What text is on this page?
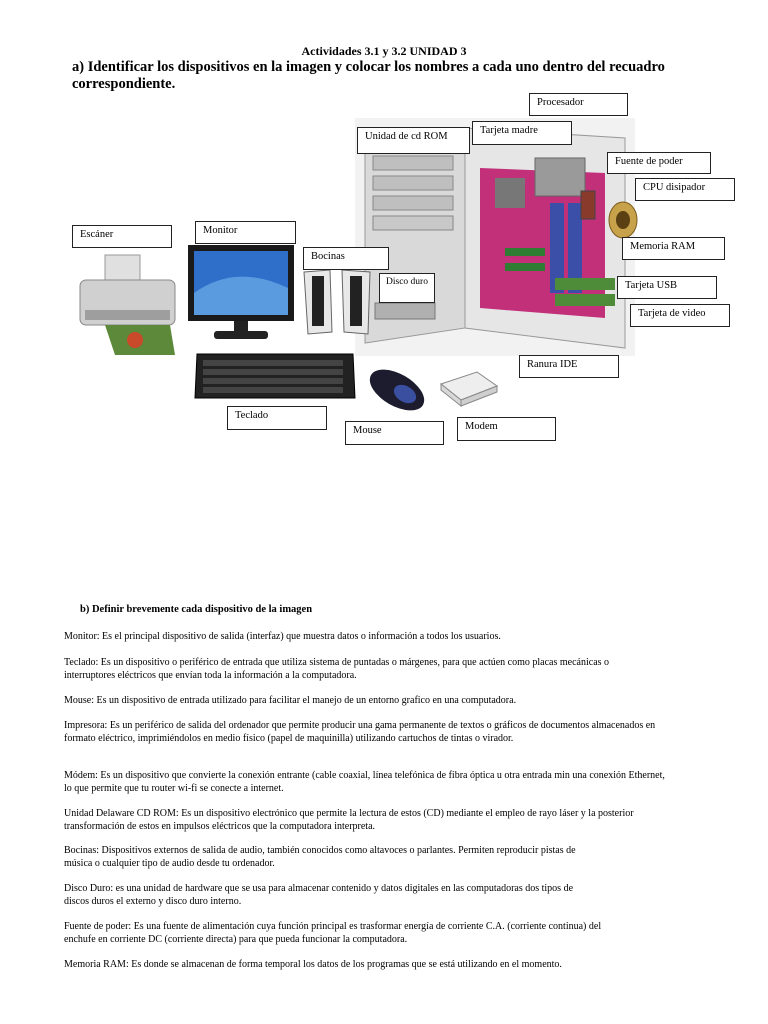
Actividades 3.1 y 3.2 UNIDAD 3
a) Identificar los dispositivos en la imagen y colocar los nombres a cada uno dentro del recuadro correspondiente.
Procesador
Unidad de cd ROM
Tarjeta madre
Fuente de poder
CPU disipador
Escáner	Monitor
Bocinas
Disco duro
Memoria RAM
Tarjeta USB
Tarjeta de video
Ranura IDE
Teclado
Mouse	Modem
b) Definir brevemente cada dispositivo de la imagen
Monitor: Es el principal dispositivo de salida (interfaz) que muestra datos o información a todos los usuarios.
Teclado: Es un dispositivo o periférico de entrada que utiliza sistema de puntadas o márgenes, para que actúen como placas mecánicas o interruptores eléctricos que envían toda la información a la computadora.
Mouse: Es un dispositivo de entrada utilizado para facilitar el manejo de un entorno grafico en una computadora.
Impresora: Es un periférico de salida del ordenador que permite producir una gama permanente de textos o gráficos de documentos almacenados en formato eléctrico, imprimiéndolos en medio físico (papel de maquinilla) utilizando cartuchos de tintas o virador.
Módem: Es un dispositivo que convierte la conexión entrante (cable coaxial, línea telefónica de fibra óptica u otra entrada min una conexión Ethernet, lo que permite que tu router wi-fi se conecte a internet.
Unidad Delaware CD ROM: Es un dispositivo electrónico que permite la lectura de estos (CD) mediante el empleo de rayo láser y la posterior transformación de estos en impulsos eléctricos que la computadora interpreta.
Bocinas: Dispositivos externos de salida de audio, también conocidos como altavoces o parlantes. Permiten reproducir pistas de música o cualquier tipo de audio desde tu ordenador.
Disco Duro: es una unidad de hardware que se usa para almacenar contenido y datos digitales en las computadoras dos tipos de discos duros el externo y disco duro interno.
Fuente de poder: Es una fuente de alimentación cuya función principal es trasformar energía de corriente C.A. (corriente continua) del enchufe en corriente DC (corriente directa) para que pueda funcionar la computadora.
Memoria RAM: Es donde se almacenan de forma temporal los datos de los programas que se está utilizando en el momento.
